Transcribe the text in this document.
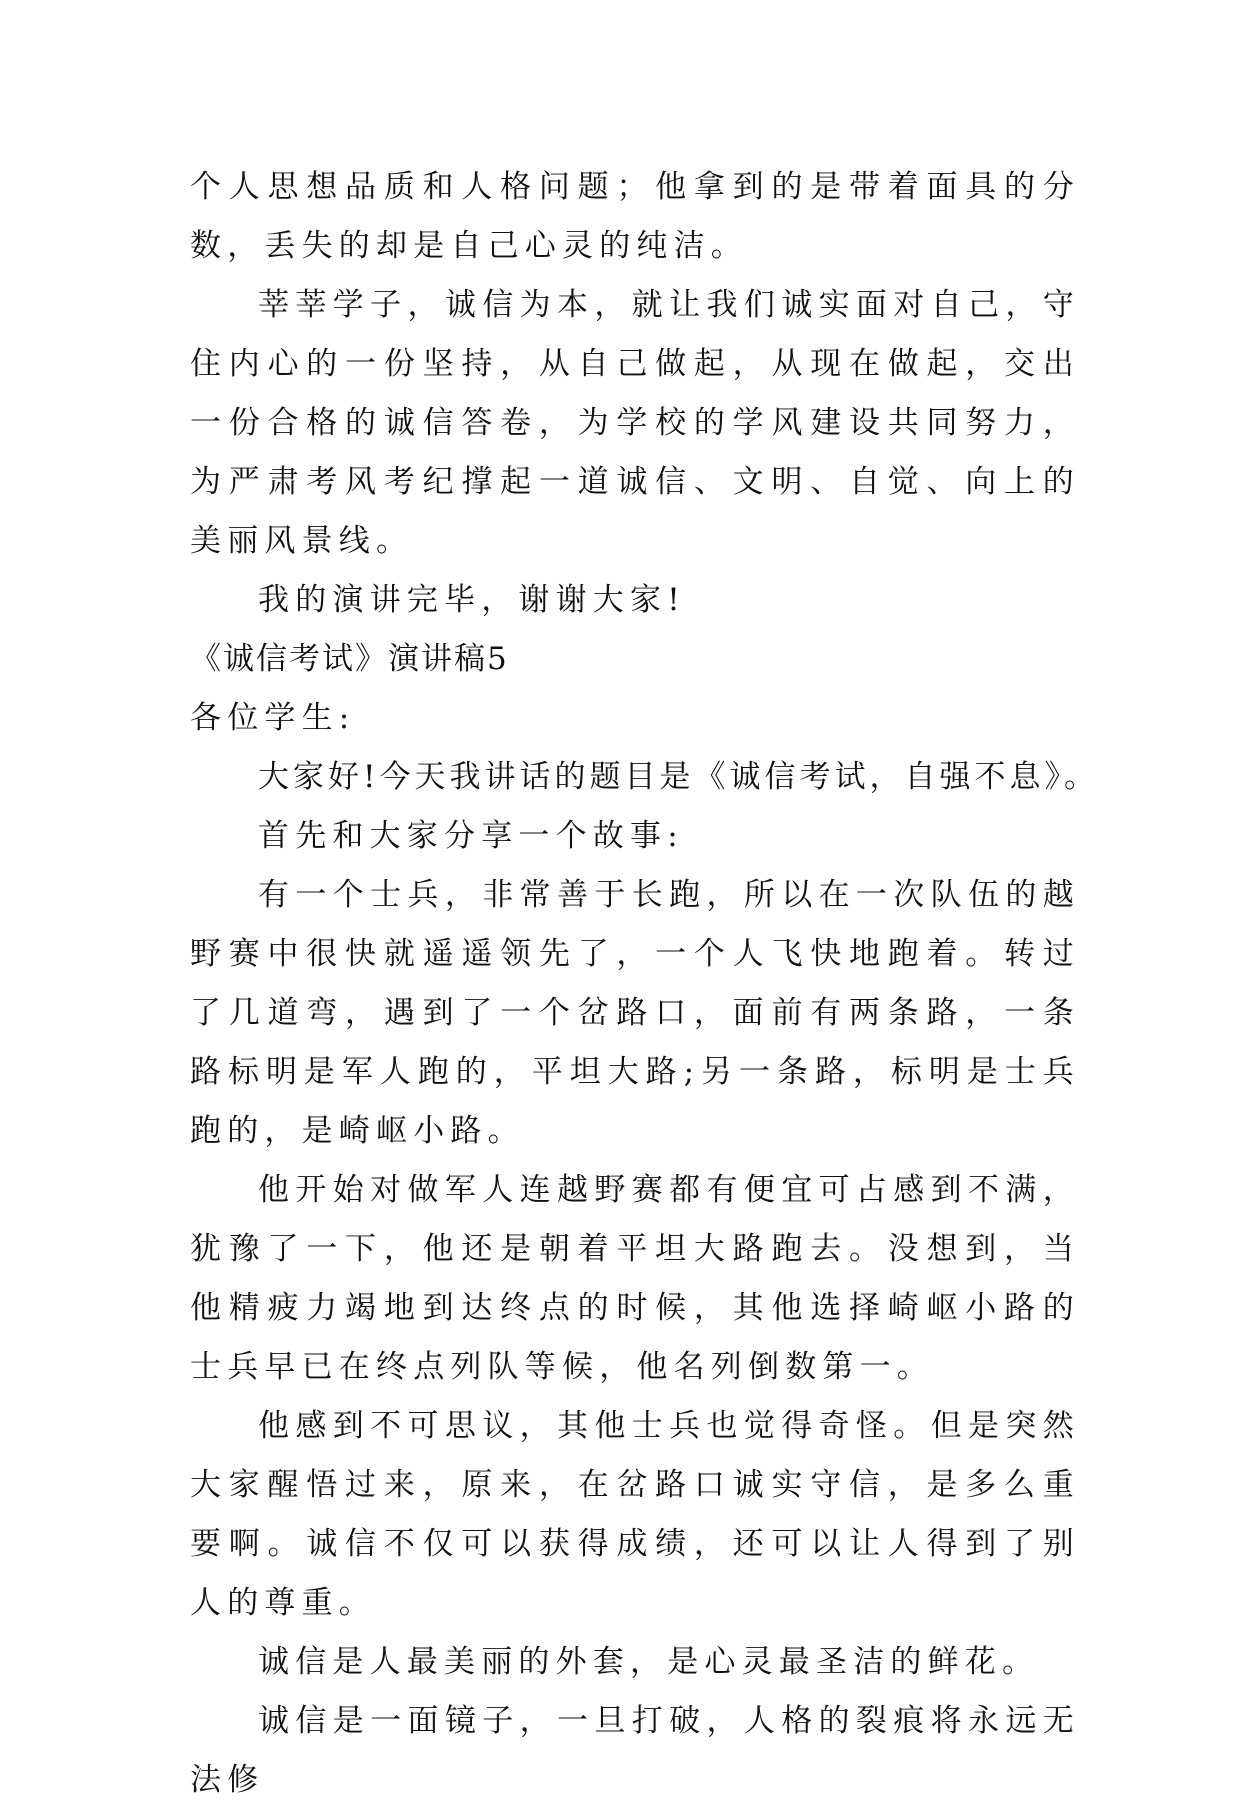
个人思想品质和人格问题；他拿到的是带着面具的分数，丢失的却是自己心灵的纯洁。

莘莘学子，诚信为本，就让我们诚实面对自己，守住内心的一份坚持，从自己做起，从现在做起，交出一份合格的诚信答卷，为学校的学风建设共同努力，为严肃考风考纪撑起一道诚信、文明、自觉、向上的美丽风景线。

我的演讲完毕，谢谢大家!

《诚信考试》演讲稿5

各位学生:

大家好!今天我讲话的题目是《诚信考试，自强不息》。

首先和大家分享一个故事:

有一个士兵，非常善于长跑，所以在一次队伍的越野赛中很快就遥遥领先了，一个人飞快地跑着。转过了几道弯，遇到了一个岔路口，面前有两条路，一条路标明是军人跑的，平坦大路;另一条路，标明是士兵跑的，是崎岖小路。

他开始对做军人连越野赛都有便宜可占感到不满，犹豫了一下，他还是朝着平坦大路跑去。没想到，当他精疲力竭地到达终点的时候，其他选择崎岖小路的士兵早已在终点列队等候，他名列倒数第一。

他感到不可思议，其他士兵也觉得奇怪。但是突然大家醒悟过来，原来，在岔路口诚实守信，是多么重要啊。诚信不仅可以获得成绩，还可以让人得到了别人的尊重。

诚信是人最美丽的外套，是心灵最圣洁的鲜花。

诚信是一面镜子，一旦打破，人格的裂痕将永远无法修
